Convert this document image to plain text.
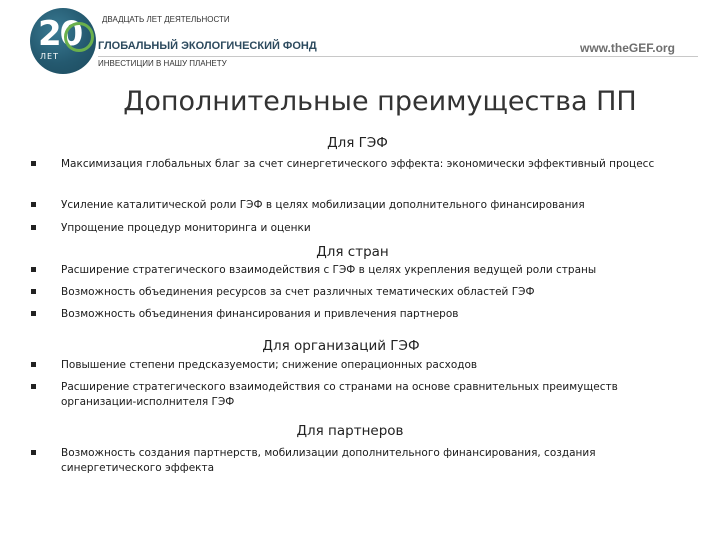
20
ЛЕТ
ДВАДЦАТЬ ЛЕТ ДЕЯТЕЛЬНОСТИ
ГЛОБАЛЬНЫЙ ЭКОЛОГИЧЕСКИЙ ФОНД
ИНВЕСТИЦИИ В НАШУ ПЛАНЕТУ
www.theGEF.org
Дополнительные преимущества ПП
Для ГЭФ
Максимизация глобальных благ за счет синергетического эффекта: экономически эффективный процесс
Усиление каталитической роли ГЭФ в целях мобилизации дополнительного финансирования
Упрощение процедур мониторинга и оценки
Для стран
Расширение стратегического взаимодействия с ГЭФ в целях укрепления ведущей роли страны
Возможность объединения ресурсов за счет различных тематических областей ГЭФ
Возможность объединения финансирования и привлечения партнеров
Для организаций ГЭФ
Повышение степени предсказуемости; снижение операционных расходов
Расширение стратегического взаимодействия со странами на основе сравнительных преимуществ организации-исполнителя ГЭФ
Для партнеров
Возможность создания партнерств, мобилизации дополнительного финансирования, создания синергетического эффекта
